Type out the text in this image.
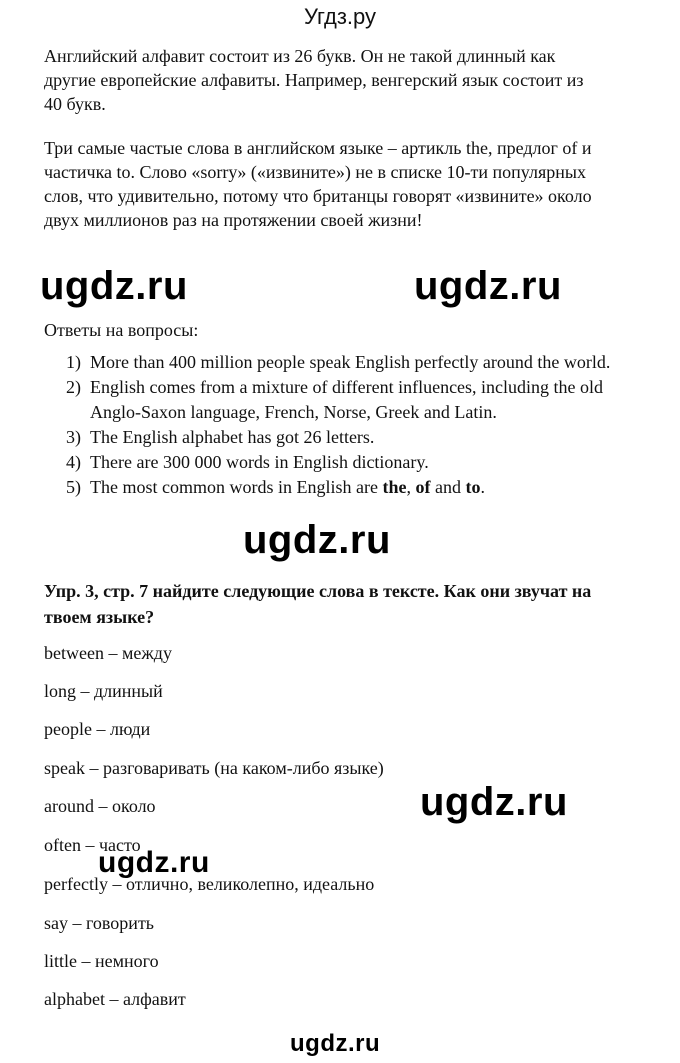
Угдз.ру

Английский алфавит состоит из 26 букв. Он не такой длинный как другие европейские алфавиты. Например, венгерский язык состоит из 40 букв.

Три самые частые слова в английском языке – артикль the, предлог of и частичка to. Слово «sorry» («извините») не в списке 10-ти популярных слов, что удивительно, потому что британцы говорят «извините» около двух миллионов раз на протяжении своей жизни!

ugdz.ru	ugdz.ru
Ответы на вопросы:
1) More than 400 million people speak English perfectly around the world.
2) English comes from a mixture of different influences, including the old Anglo-Saxon language, French, Norse, Greek and Latin.
3) The English alphabet has got 26 letters.
4) There are 300 000 words in English dictionary.
5) The most common words in English are the, of and to.
ugdz.ru

Упр. 3, стр. 7 найдите следующие слова в тексте. Как они звучат на твоем языке?

between – между
long – длинный
people – люди
speak – разговаривать (на каком-либо языке)
around – около
often – часто
perfectly – отлично, великолепно, идеально
say – говорить
little – немного
alphabet – алфавит
ugdz.ru
ugdz.ru
ugdz.ru
